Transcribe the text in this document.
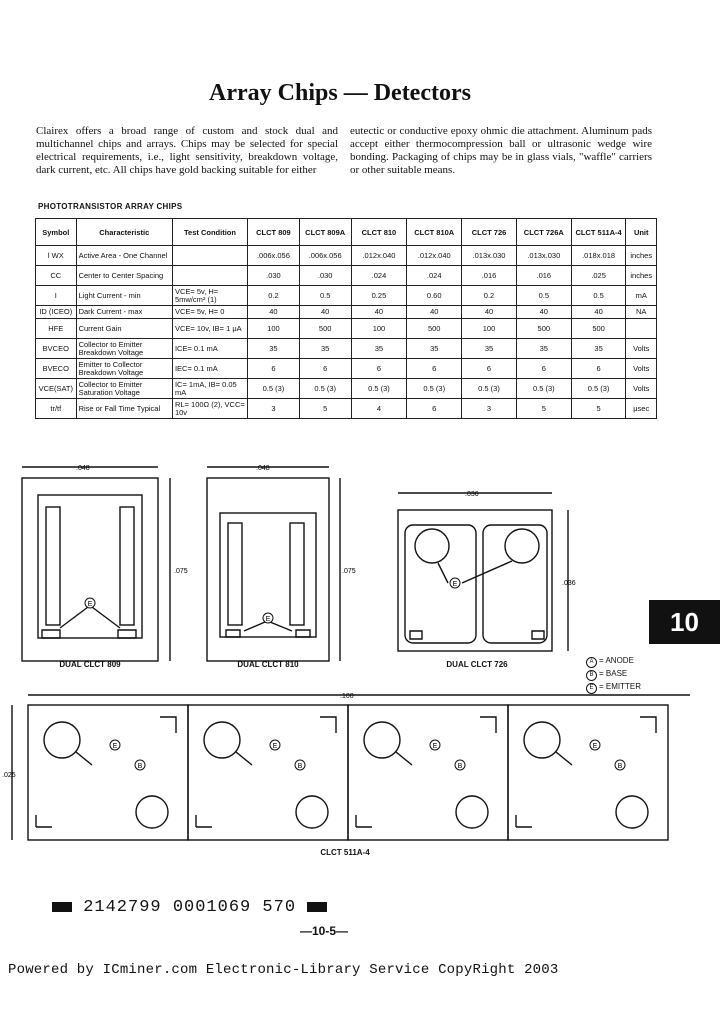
Array Chips — Detectors
Clairex offers a broad range of custom and stock dual and multichannel chips and arrays. Chips may be selected for special electrical requirements, i.e., light sensitivity, breakdown voltage, dark current, etc. All chips have gold backing suitable for either
eutectic or conductive epoxy ohmic die attachment. Aluminum pads accept either thermocompression ball or ultrasonic wedge wire bonding. Packaging of chips may be in glass vials, "waffle" carriers or other suitable means.
PHOTOTRANSISTOR ARRAY CHIPS
Symbol	Characteristic	Test Condition	CLCT 809	CLCT 809A	CLCT 810	CLCT 810A	CLCT 726	CLCT 726A	CLCT 511A-4	Unit
l WX	Active Area - One Channel		.006x.056	.006x.056	.012x.040	.012x.040	.013x.030	.013x.030	.018x.018	inches
CC	Center to Center Spacing		.030	.030	.024	.024	.016	.016	.025	inches
I	Light Current - min	VCE= 5v, H= 5mw/cm² (1)	0.2	0.5	0.25	0.60	0.2	0.5	0.5	mA
ID (ICEO)	Dark Current - max	VCE= 5v, H= 0	40	40	40	40	40	40	40	NA
HFE	Current Gain	VCE= 10v, IB= 1 μA	100	500	100	500	100	500	500	
BVCEO	Collector to Emitter Breakdown Voltage	ICE= 0.1 mA	35	35	35	35	35	35	35	Volts
BVECO	Emitter to Collector Breakdown Voltage	IEC= 0.1 mA	6	6	6	6	6	6	6	Volts
VCE(SAT)	Collector to Emitter Saturation Voltage	IC= 1mA, IB= 0.05 mA	0.5 (3)	0.5 (3)	0.5 (3)	0.5 (3)	0.5 (3)	0.5 (3)	0.5 (3)	Volts
tr/tf	Rise or Fall Time Typical	RL= 100Ω (2), VCC= 10v	3	5	4	6	3	5	5	μsec
.048
.075
.048
.075
.036
.036
.100
.025
E
E
E
E
B
E
B
E
B
E
B
DUAL CLCT 809	DUAL CLCT 810	DUAL CLCT 726
CLCT 511A-4
10
A = ANODE
B = BASE
E = EMITTER
2142799 0001069 570
—10-5—
Powered by ICminer.com Electronic-Library Service CopyRight 2003
